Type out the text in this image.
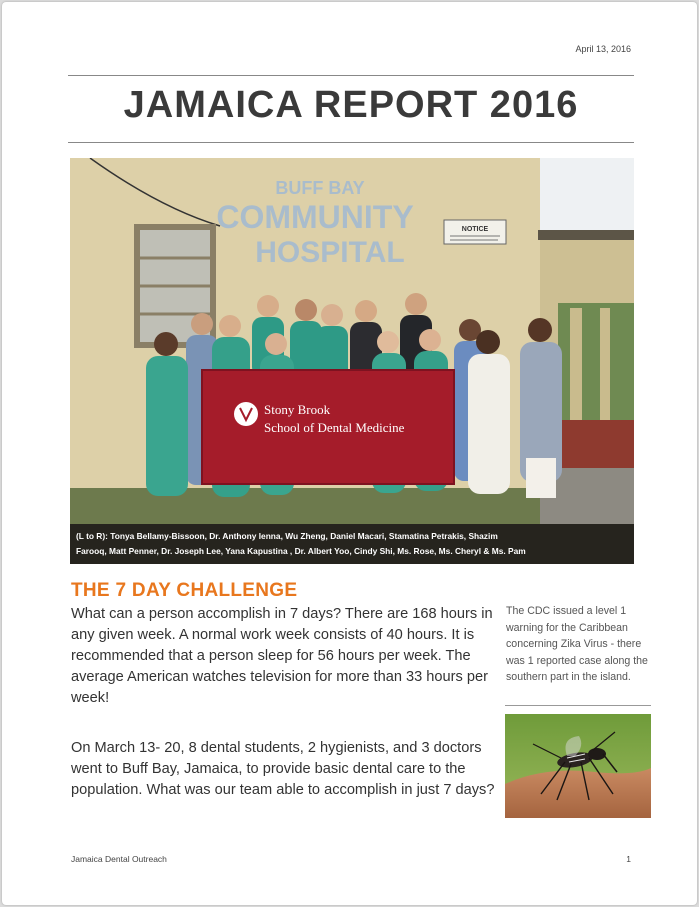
April 13, 2016
JAMAICA REPORT 2016
BUFF BAY
COMMUNITY
HOSPITAL
NOTICE
Stony Brook
School of Dental Medicine
(L to R): Tonya Bellamy-Bissoon, Dr. Anthony Ienna, Wu Zheng, Daniel Macari, Stamatina Petrakis, Shazim
Farooq, Matt Penner, Dr. Joseph Lee, Yana Kapustina , Dr. Albert Yoo, Cindy Shi, Ms. Rose, Ms. Cheryl & Ms. Pam
THE 7 DAY CHALLENGE
What can a person accomplish in 7 days? There are 168 hours in any given week. A normal work week consists of 40 hours. It is recommended that a person sleep for 56 hours per week. The average American watches television for more than 33 hours per week!
On March 13- 20, 8 dental students, 2 hygienists, and 3 doctors went to Buff Bay, Jamaica, to provide basic dental care to the population. What was our team able to accomplish in just 7 days?
The CDC issued a level 1 warning for the Caribbean concerning Zika Virus - there was 1 reported case along the southern part in the island.
Jamaica Dental Outreach	1
